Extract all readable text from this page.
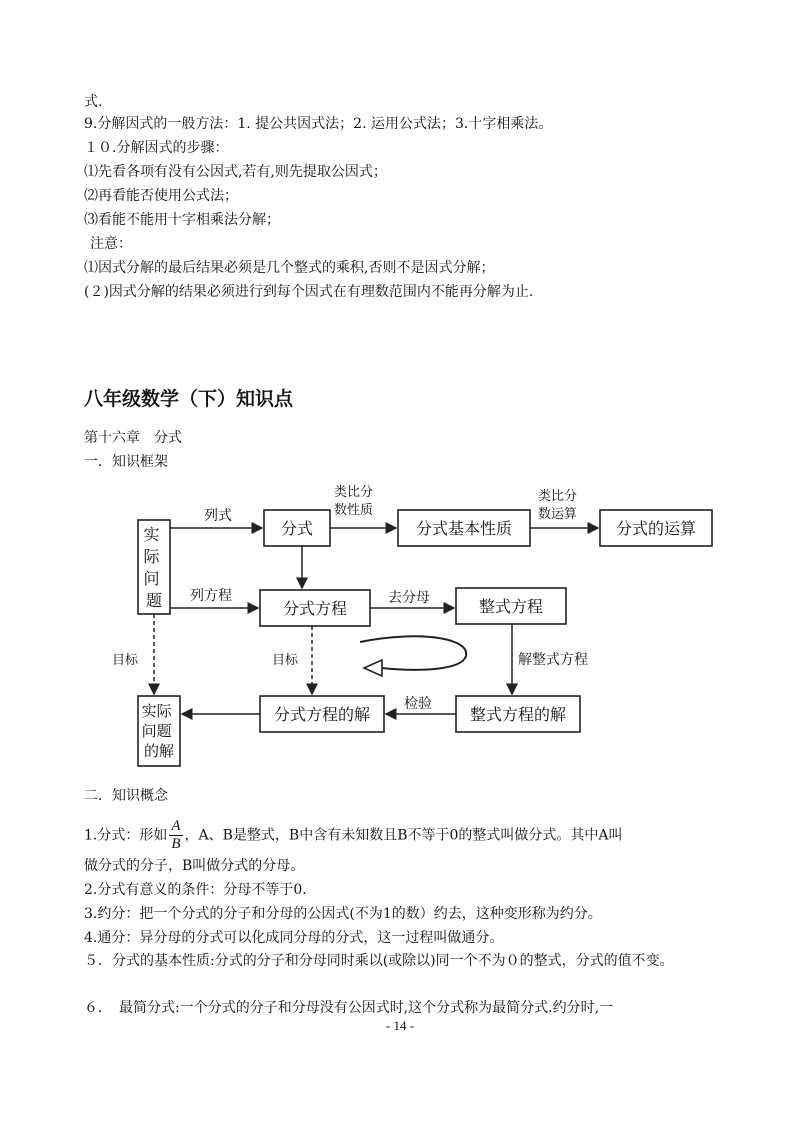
式.
9.分解因式的一般方法：1. 提公共因式法；2. 运用公式法；3.十字相乘法。
１０.分解因式的步骤：
⑴先看各项有没有公因式,若有,则先提取公因式；
⑵再看能否使用公式法；
⑶看能不能用十字相乘法分解；
注意：
⑴因式分解的最后结果必须是几个整式的乘积,否则不是因式分解；
(２)因式分解的结果必须进行到每个因式在有理数范围内不能再分解为止.
八年级数学（下）知识点
第十六章　分式
一．知识框架
实 际 问 题
分式	分式基本性质	分式的运算
分式方程	整式方程
分式方程的解	整式方程的解
实际 问题 的解
列式
类比分 数性质
类比分 数运算
列方程	去分母
目标	目标	解整式方程
检验
二．知识概念
1.分式：形如 $\frac{A}{B}$ ，A、B是整式，B中含有未知数且B不等于0的整式叫做分式。其中A叫
做分式的分子，B叫做分式的分母。
2.分式有意义的条件：分母不等于0.
3.约分：把一个分式的分子和分母的公因式(不为1的数）约去，这种变形称为约分。
4.通分：异分母的分式可以化成同分母的分式，这一过程叫做通分。
５．分式的基本性质:分式的分子和分母同时乘以(或除以)同一个不为０的整式，分式的值不变。
６．　最简分式:一个分式的分子和分母没有公因式时,这个分式称为最简分式.约分时,一
- 14 -
